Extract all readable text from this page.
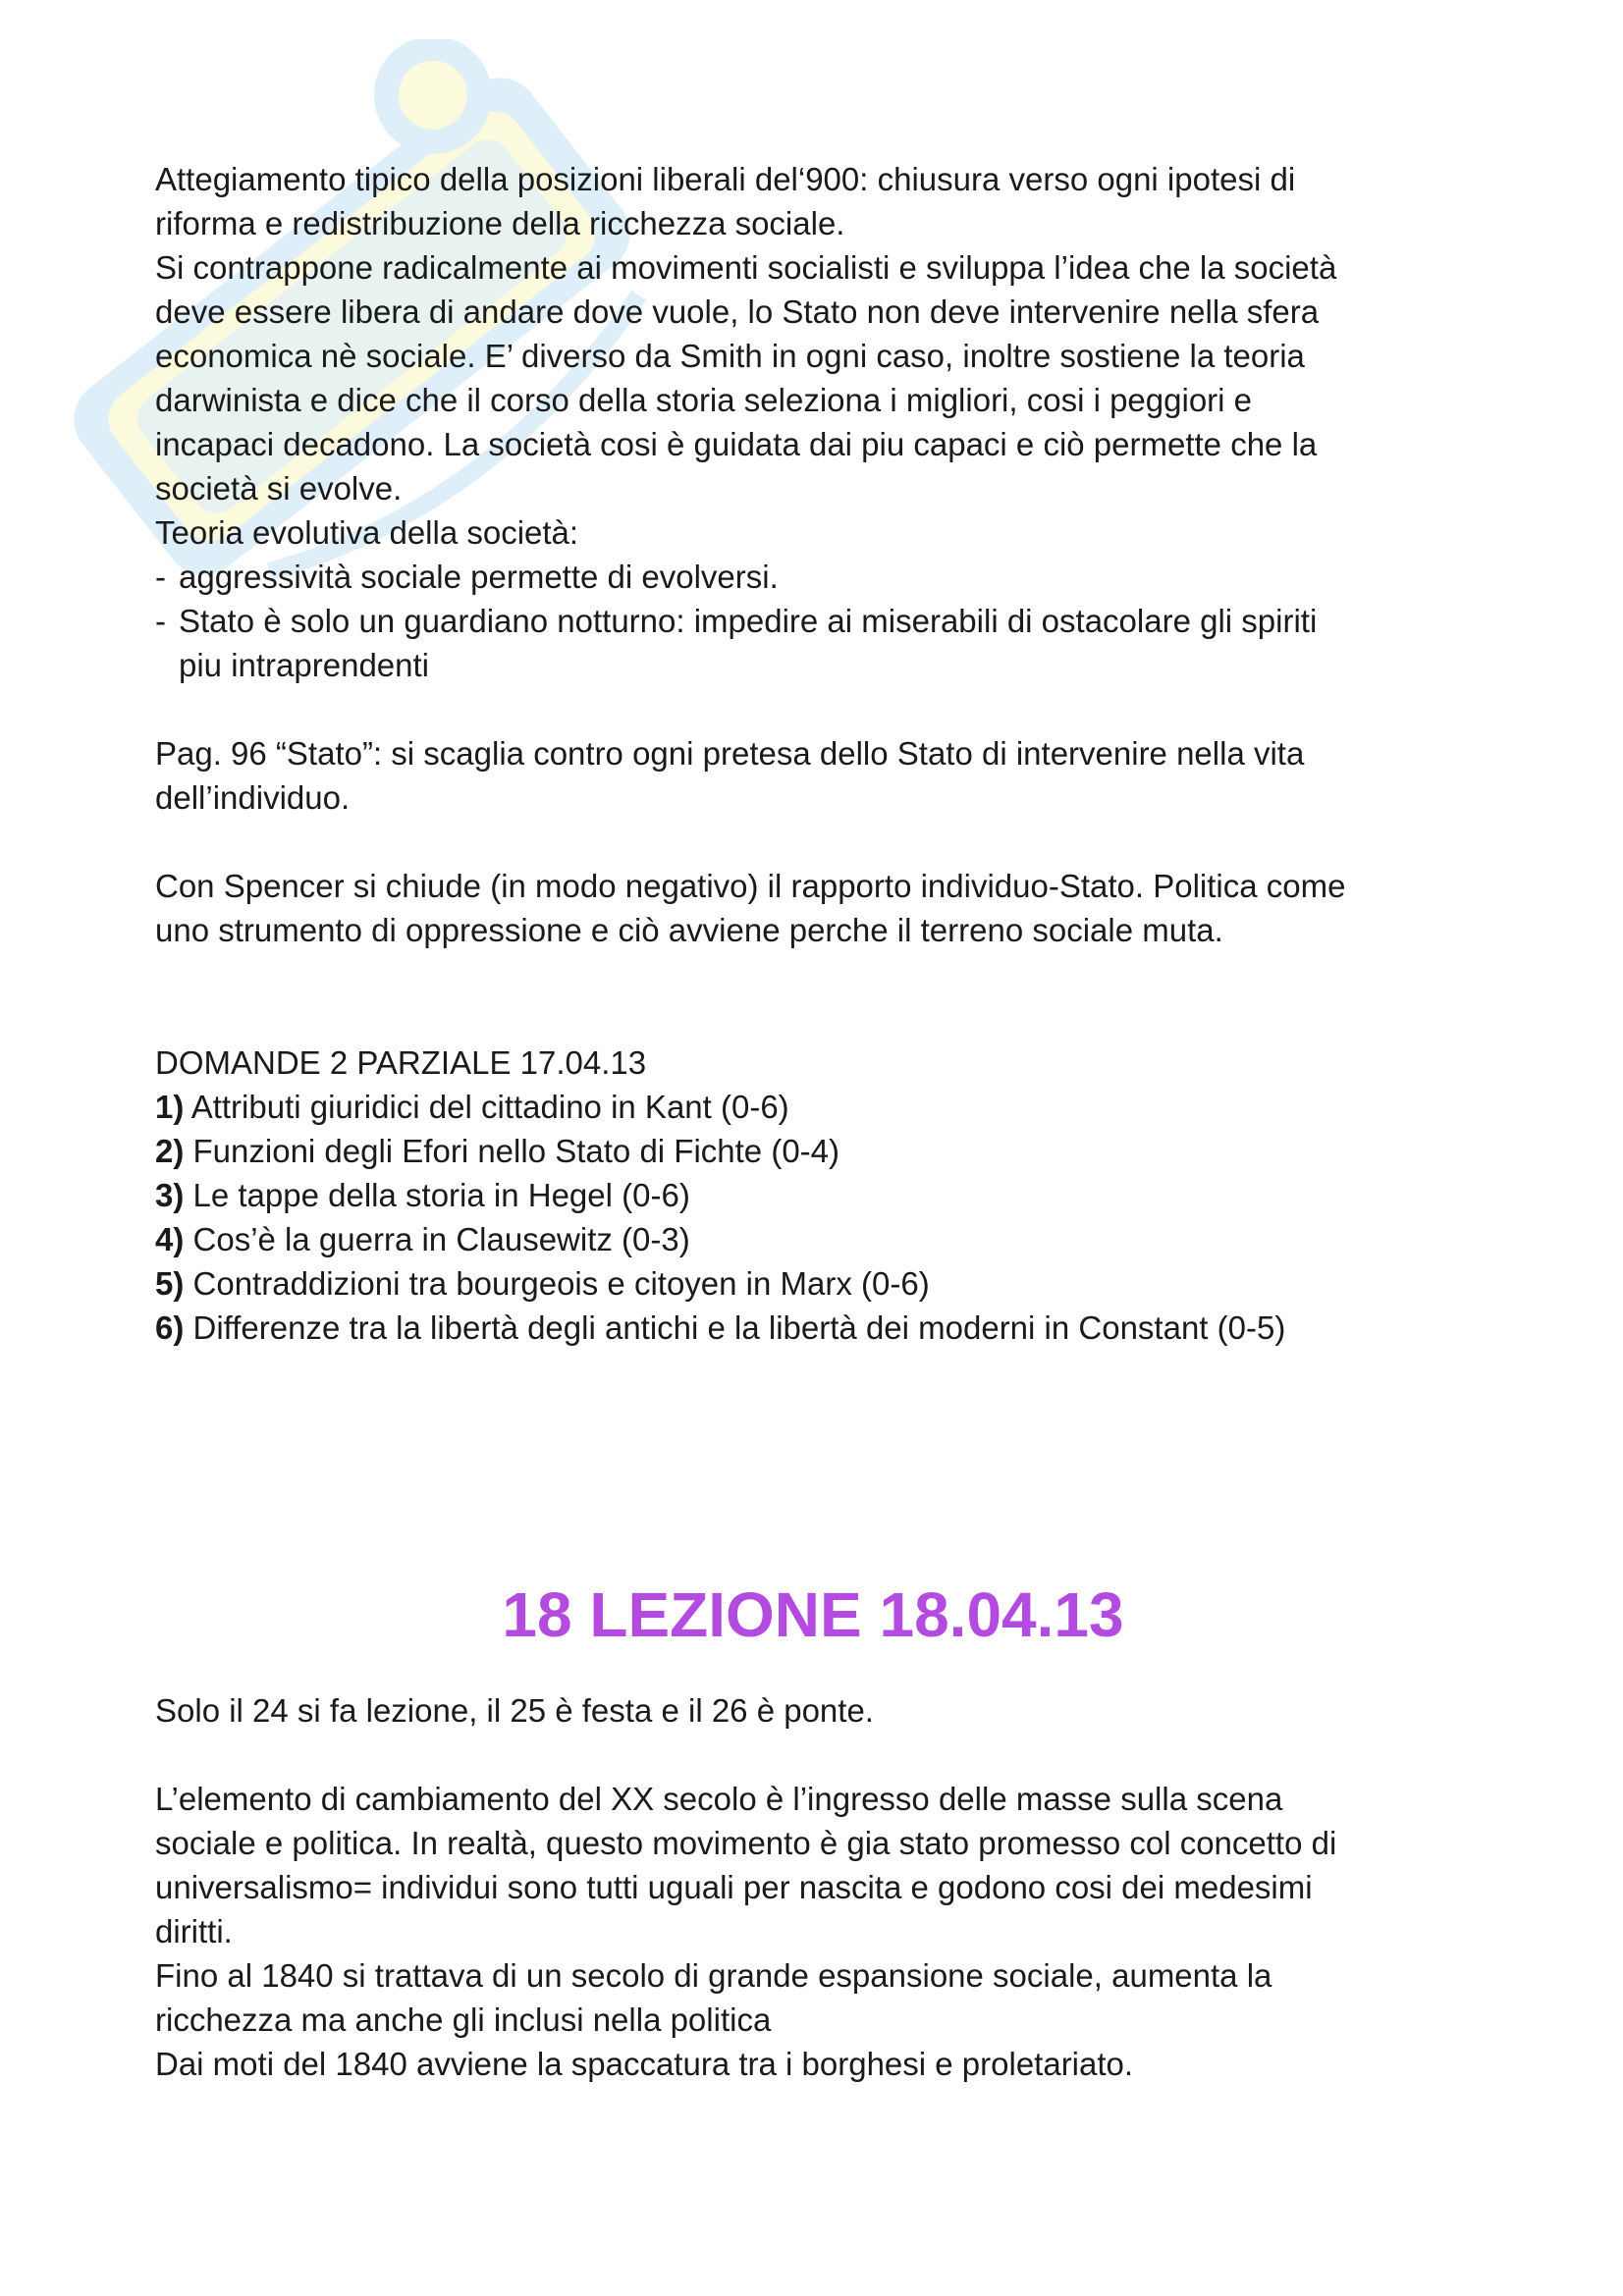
Attegiamento tipico della posizioni liberali del‘900: chiusura verso ogni ipotesi di

riforma e redistribuzione della ricchezza sociale.

Si contrappone radicalmente ai movimenti socialisti e sviluppa l’idea che la società

deve essere libera di andare dove vuole, lo Stato non deve intervenire nella sfera

economica nè sociale. E’ diverso da Smith in ogni caso, inoltre sostiene la teoria

darwinista e dice che il corso della storia seleziona i migliori, cosi i peggiori e

incapaci decadono. La società cosi è guidata dai piu capaci e ciò permette che la

società si evolve.

Teoria evolutiva della società:

- aggressività sociale permette di evolversi.

- Stato è solo un guardiano notturno: impedire ai miserabili di ostacolare gli spiriti

piu intraprendenti

Pag. 96 “Stato”: si scaglia contro ogni pretesa dello Stato di intervenire nella vita

dell’individuo.

Con Spencer si chiude (in modo negativo) il rapporto individuo-Stato. Politica come

uno strumento di oppressione e ciò avviene perche il terreno sociale muta.

DOMANDE 2 PARZIALE 17.04.13

1) Attributi giuridici del cittadino in Kant (0-6)

2) Funzioni degli Efori nello Stato di Fichte (0-4)

3) Le tappe della storia in Hegel (0-6)

4) Cos’è la guerra in Clausewitz (0-3)

5) Contraddizioni tra bourgeois e citoyen in Marx (0-6)

6) Differenze tra la libertà degli antichi e la libertà dei moderni in Constant (0-5)

18 LEZIONE 18.04.13

Solo il 24 si fa lezione, il 25 è festa e il 26 è ponte.

L’elemento di cambiamento del XX secolo è l’ingresso delle masse sulla scena

sociale e politica. In realtà, questo movimento è gia stato promesso col concetto di

universalismo= individui sono tutti uguali per nascita e godono cosi dei medesimi

diritti.

Fino al 1840 si trattava di un secolo di grande espansione sociale, aumenta la

ricchezza ma anche gli inclusi nella politica

Dai moti del 1840 avviene la spaccatura tra i borghesi e proletariato.
